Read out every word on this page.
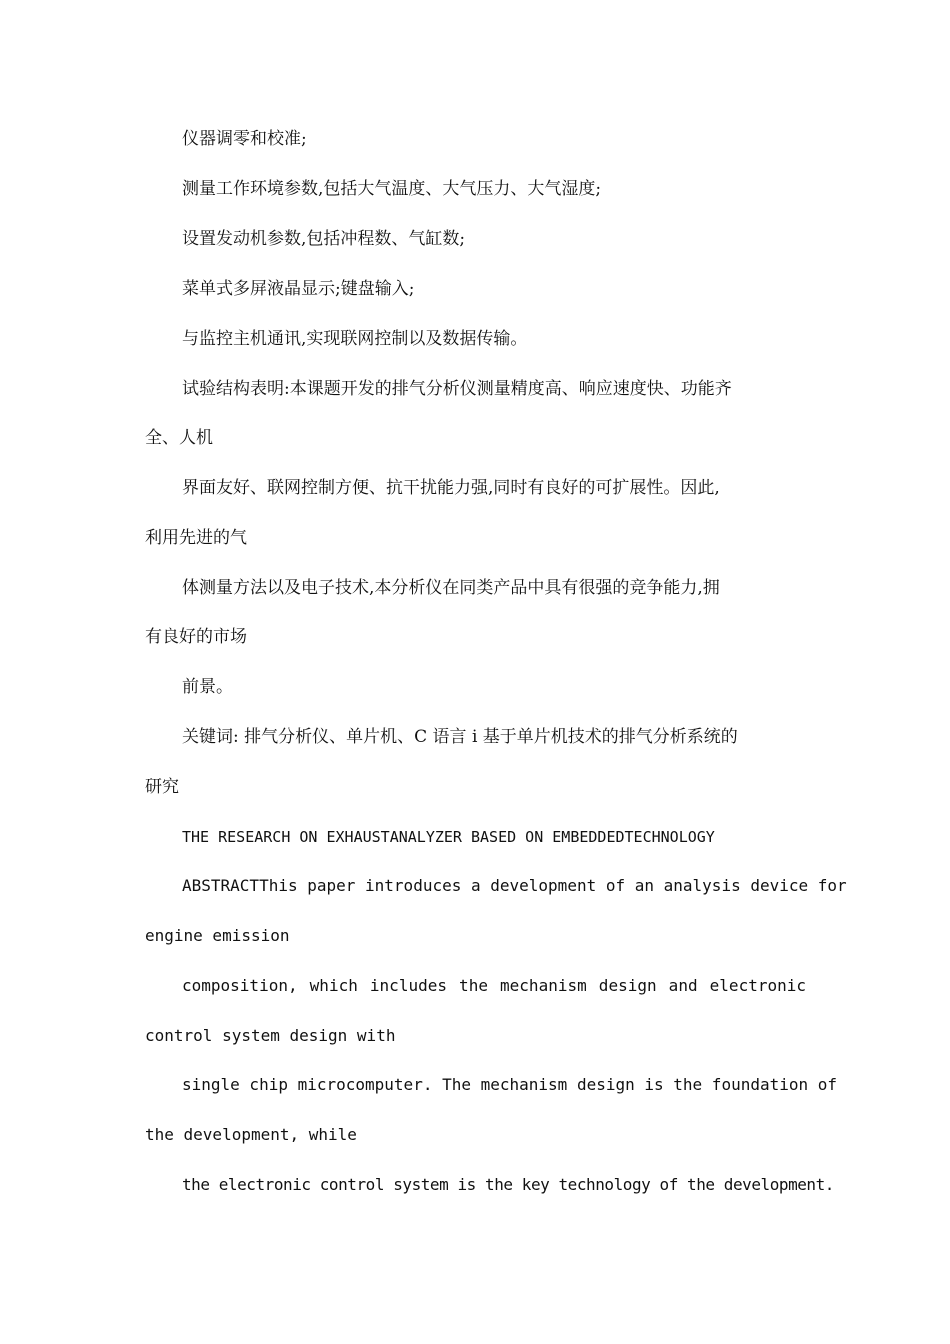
仪器调零和校准;
测量工作环境参数,包括大气温度、大气压力、大气湿度;
设置发动机参数,包括冲程数、气缸数;
菜单式多屏液晶显示;键盘输入;
与监控主机通讯,实现联网控制以及数据传输。
试验结构表明:本课题开发的排气分析仪测量精度高、响应速度快、功能齐
全、人机
界面友好、联网控制方便、抗干扰能力强,同时有良好的可扩展性。因此,
利用先进的气
体测量方法以及电子技术,本分析仪在同类产品中具有很强的竞争能力,拥
有良好的市场
前景。
关键词: 排气分析仪、单片机、C 语言 i 基于单片机技术的排气分析系统的
研究
THE RESEARCH ON EXHAUSTANALYZER BASED ON EMBEDDEDTECHNOLOGY
ABSTRACTThis paper introduces a development of an analysis device for
engine emission
composition, which includes the mechanism design and electronic
control system design with
single chip microcomputer. The mechanism design is the foundation of
the development, while
the electronic control system is the key technology of the development.
